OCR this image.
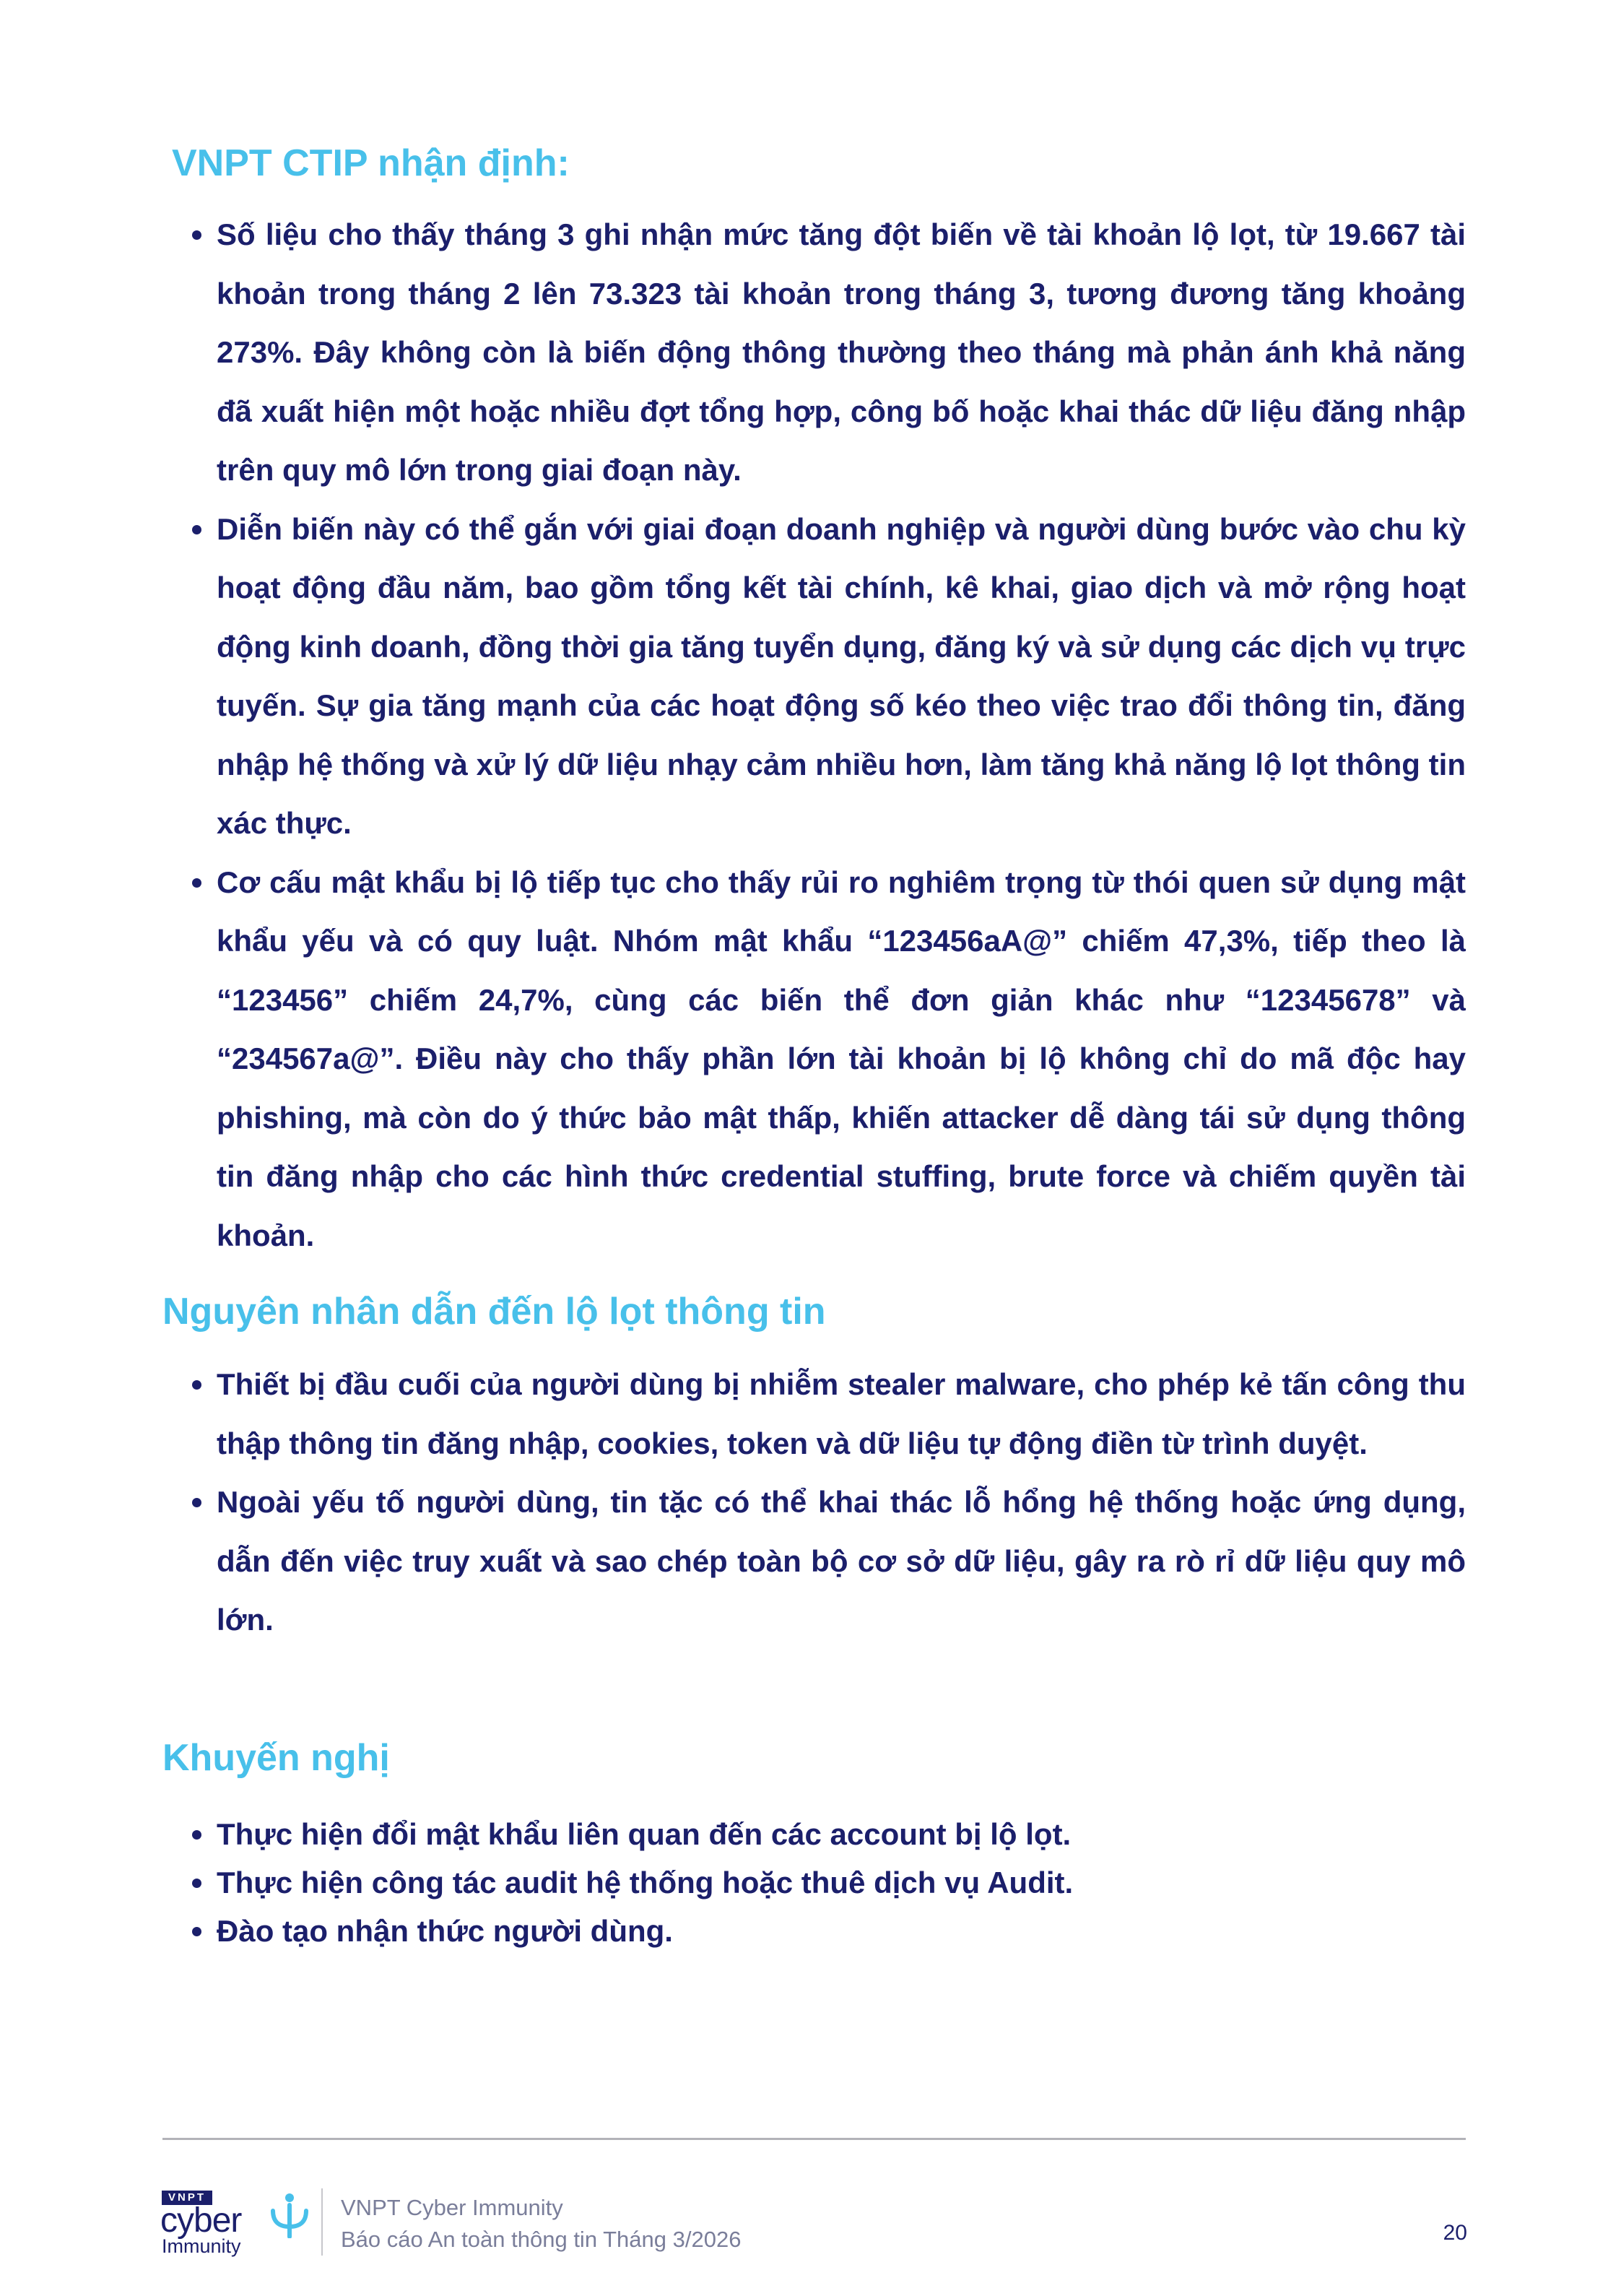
VNPT CTIP nhận định:
Số liệu cho thấy tháng 3 ghi nhận mức tăng đột biến về tài khoản lộ lọt, từ 19.667 tài khoản trong tháng 2 lên 73.323 tài khoản trong tháng 3, tương đương tăng khoảng 273%. Đây không còn là biến động thông thường theo tháng mà phản ánh khả năng đã xuất hiện một hoặc nhiều đợt tổng hợp, công bố hoặc khai thác dữ liệu đăng nhập trên quy mô lớn trong giai đoạn này.
Diễn biến này có thể gắn với giai đoạn doanh nghiệp và người dùng bước vào chu kỳ hoạt động đầu năm, bao gồm tổng kết tài chính, kê khai, giao dịch và mở rộng hoạt động kinh doanh, đồng thời gia tăng tuyển dụng, đăng ký và sử dụng các dịch vụ trực tuyến. Sự gia tăng mạnh của các hoạt động số kéo theo việc trao đổi thông tin, đăng nhập hệ thống và xử lý dữ liệu nhạy cảm nhiều hơn, làm tăng khả năng lộ lọt thông tin xác thực.
Cơ cấu mật khẩu bị lộ tiếp tục cho thấy rủi ro nghiêm trọng từ thói quen sử dụng mật khẩu yếu và có quy luật. Nhóm mật khẩu “123456aA@” chiếm 47,3%, tiếp theo là “123456” chiếm 24,7%, cùng các biến thể đơn giản khác như “12345678” và “234567a@”. Điều này cho thấy phần lớn tài khoản bị lộ không chỉ do mã độc hay phishing, mà còn do ý thức bảo mật thấp, khiến attacker dễ dàng tái sử dụng thông tin đăng nhập cho các hình thức credential stuffing, brute force và chiếm quyền tài khoản.
Nguyên nhân dẫn đến lộ lọt thông tin
Thiết bị đầu cuối của người dùng bị nhiễm stealer malware, cho phép kẻ tấn công thu thập thông tin đăng nhập, cookies, token và dữ liệu tự động điền từ trình duyệt.
Ngoài yếu tố người dùng, tin tặc có thể khai thác lỗ hổng hệ thống hoặc ứng dụng, dẫn đến việc truy xuất và sao chép toàn bộ cơ sở dữ liệu, gây ra rò rỉ dữ liệu quy mô lớn.
Khuyến nghị
Thực hiện đổi mật khẩu liên quan đến các account bị lộ lọt.
Thực hiện công tác audit hệ thống hoặc thuê dịch vụ Audit.
Đào tạo nhận thức người dùng.
VNPT
cyber
Immunity
VNPT Cyber Immunity
Báo cáo An toàn thông tin Tháng 3/2026	20
